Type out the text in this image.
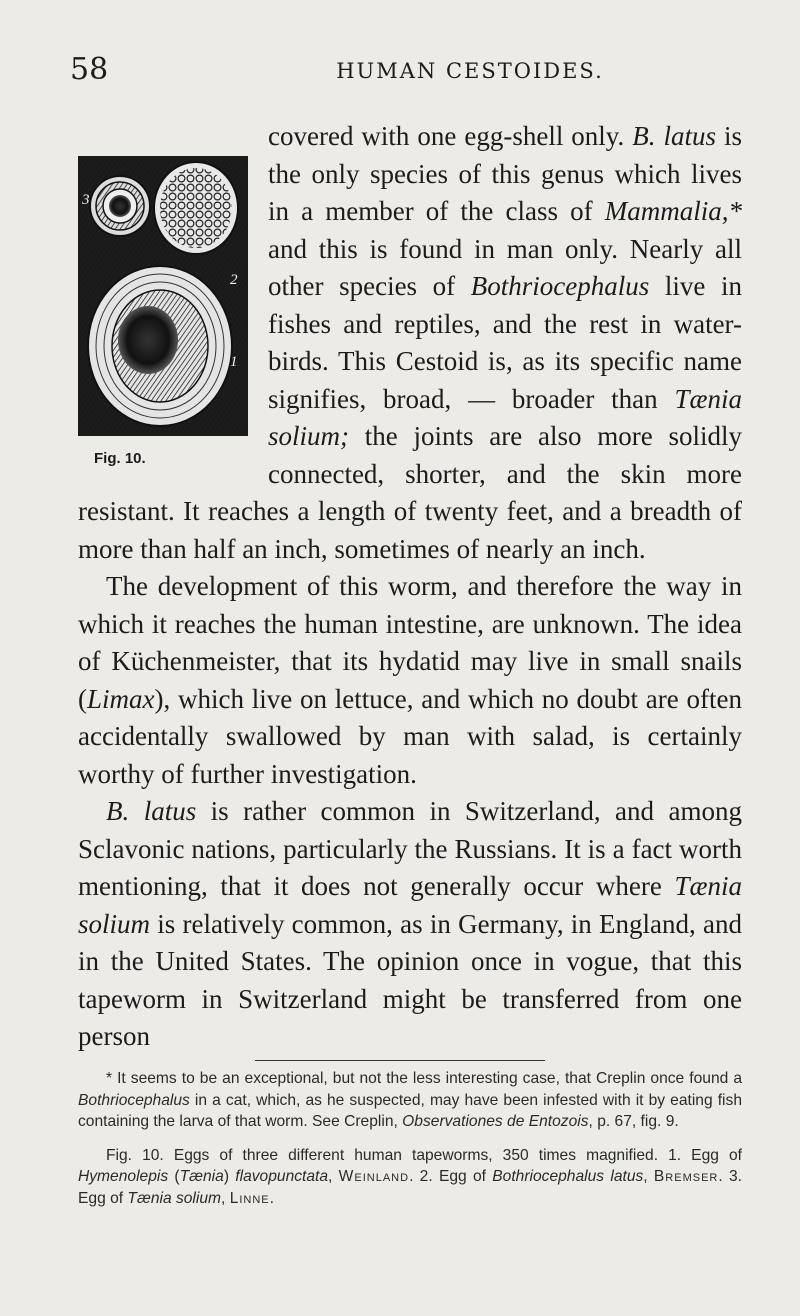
58	HUMAN CESTOIDES.
3
2
1
Fig. 10.

covered with one egg-shell only. B. latus is the only species of this genus which lives in a member of the class of Mammalia,* and this is found in man only. Nearly all other species of Bothriocephalus live in fishes and reptiles, and the rest in water-birds. This Cestoid is, as its specific name signifies, broad, — broader than Tænia solium; the joints are also more solidly connected, shorter, and the skin more resistant. It reaches a length of twenty feet, and a breadth of more than half an inch, sometimes of nearly an inch.

The development of this worm, and therefore the way in which it reaches the human intestine, are unknown. The idea of Küchenmeister, that its hydatid may live in small snails (Limax), which live on lettuce, and which no doubt are often accidentally swallowed by man with salad, is certainly worthy of further investigation.

B. latus is rather common in Switzerland, and among Sclavonic nations, particularly the Russians. It is a fact worth mentioning, that it does not generally occur where Tænia solium is relatively common, as in Germany, in England, and in the United States. The opinion once in vogue, that this tapeworm in Switzerland might be transferred from one person

* It seems to be an exceptional, but not the less interesting case, that Creplin once found a Bothriocephalus in a cat, which, as he suspected, may have been infested with it by eating fish containing the larva of that worm. See Creplin, Observationes de Entozois, p. 67, fig. 9.

Fig. 10. Eggs of three different human tapeworms, 350 times magnified. 1. Egg of Hymenolepis (Tænia) flavopunctata, Weinland. 2. Egg of Bothriocephalus latus, Bremser. 3. Egg of Tænia solium, Linne.
